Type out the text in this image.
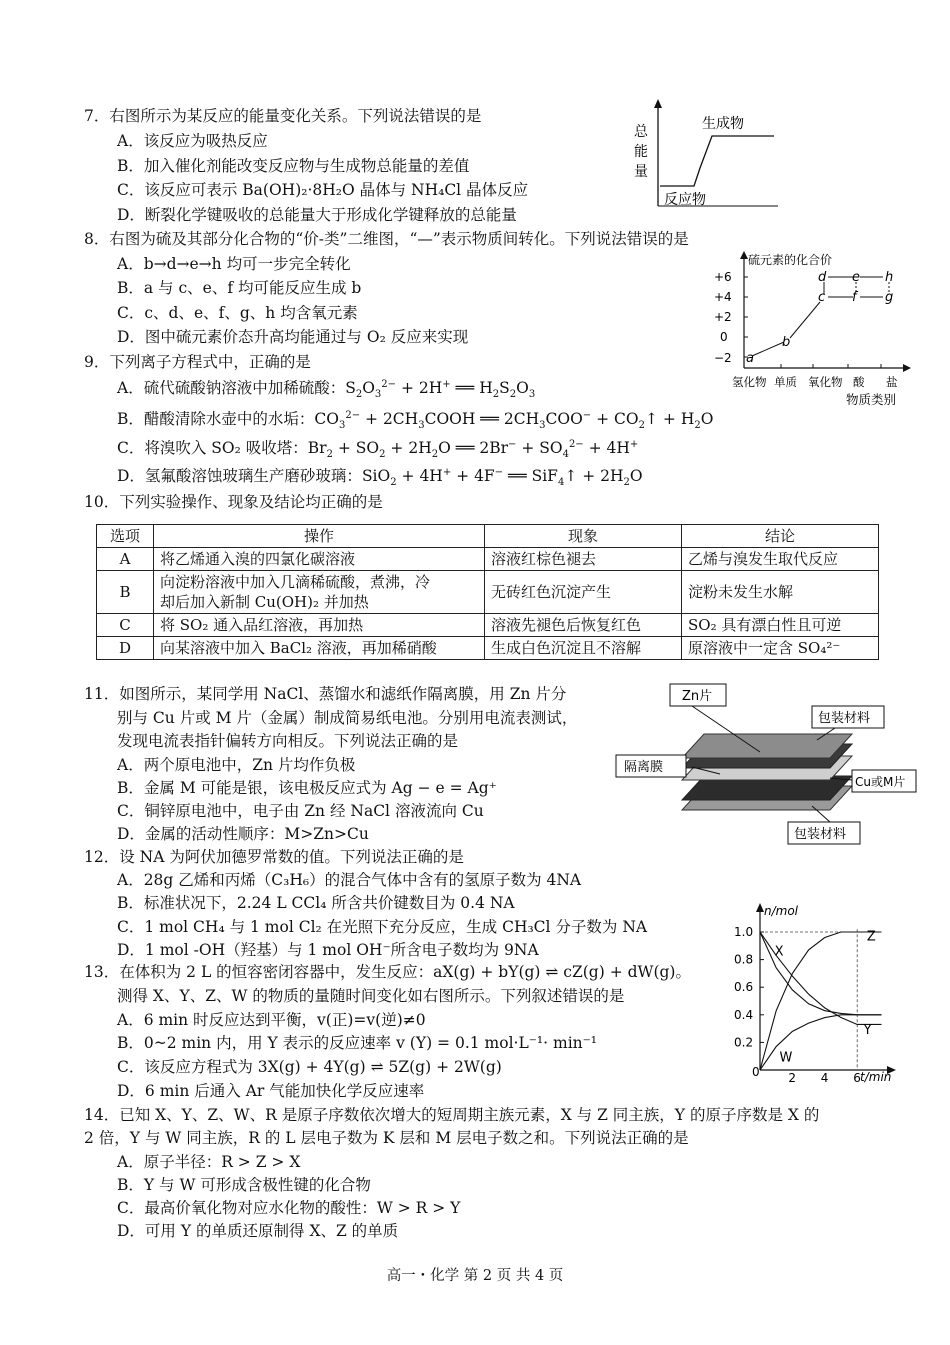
7．右图所示为某反应的能量变化关系。下列说法错误的是
A．该反应为吸热反应
B．加入催化剂能改变反应物与生成物总能量的差值
C．该反应可表示 Ba(OH)₂·8H₂O 晶体与 NH₄Cl 晶体反应
D．断裂化学键吸收的总能量大于形成化学键释放的总能量
总
能
量
生成物
反应物
8．右图为硫及其部分化合物的“价-类”二维图，“—”表示物质间转化。下列说法错误的是
A．b→d→e→h 均可一步完全转化
B．a 与 c、e、f 均可能反应生成 b
C．c、d、e、f、g、h 均含氧元素
D．图中硫元素价态升高均能通过与 O₂ 反应来实现
硫元素的化合价
+6
+4
+2
0
−2 a
b
c
d e
f
h
g
氢化物 单质 氧化物 酸 盐
物质类别
9．下列离子方程式中，正确的是
A．硫代硫酸钠溶液中加稀硫酸：$S_2O_3^{2-} + 2H^+$ ══ $H_2S_2O_3$
B．醋酸清除水壶中的水垢：$CO_3^{2-}$ + $2CH_3COOH$ ══ $2CH_3COO^-$ + $CO_2↑ + H_2O$
C．将溴吹入 SO₂ 吸收塔：$Br_2 + SO_2 + 2H_2O$ ══ $2Br^- + SO_4^{2-} + 4H^+$
D．氢氟酸溶蚀玻璃生产磨砂玻璃：SiO$_2$ + 4H+ + 4F− ══ SiF$_4$↑ + $2H_2O$
10．下列实验操作、现象及结论均正确的是
选项	操作	现象	结论
A	将乙烯通入溴的四氯化碳溶液	溶液红棕色褪去	乙烯与溴发生取代反应
B	向淀粉溶液中加入几滴稀硫酸，煮沸，冷
却后加入新制 Cu(OH)₂ 并加热	无砖红色沉淀产生	淀粉未发生水解
C	将 SO₂ 通入品红溶液，再加热	溶液先褪色后恢复红色	SO₂ 具有漂白性且可逆
D	向某溶液中加入 BaCl₂ 溶液，再加稀硝酸	生成白色沉淀且不溶解	原溶液中一定含 SO₄²⁻
11．如图所示，某同学用 NaCl、蒸馏水和滤纸作隔离膜，用 Zn 片分
别与 Cu 片或 M 片（金属）制成简易纸电池。分别用电流表测试，
发现电流表指针偏转方向相反。下列说法正确的是
A．两个原电池中，Zn 片均作负极
B．金属 M 可能是银，该电极反应式为 Ag − e = Ag⁺
C．铜锌原电池中，电子由 Zn 经 NaCl 溶液流向 Cu
D．金属的活动性顺序：M>Zn>Cu
Zn片
包装材料
隔离膜
Cu或M片
包装材料
12．设 NA 为阿伏加德罗常数的值。下列说法正确的是
A．28g 乙烯和丙烯（C₃H₆）的混合气体中含有的氢原子数为 4NA
B．标准状况下，2.24 L CCl₄ 所含共价键数目为 0.4 NA
C．1 mol CH₄ 与 1 mol Cl₂ 在光照下充分反应，生成 CH₃Cl 分子数为 NA
D．1 mol -OH（羟基）与 1 mol OH⁻所含电子数均为 9NA
13．在体积为 2 L 的恒容密闭容器中，发生反应：aX(g) + bY(g) ⇌ cZ(g) + dW(g)。
测得 X、Y、Z、W 的物质的量随时间变化如右图所示。下列叙述错误的是
A．6 min 时反应达到平衡，v(正)=v(逆)≠0
B．0~2 min 内，用 Y 表示的反应速率 v (Y) = 0.1 mol·L⁻¹· min⁻¹
C．该反应方程式为 3X(g) + 4Y(g) ⇌ 5Z(g) + 2W(g)
D．6 min 后通入 Ar 气能加快化学反应速率
n/mol
t/min
0
X
Y
Z
W
1.0
0.8
0.6
0.4
0.2
2 4 6
14．已知 X、Y、Z、W、R 是原子序数依次增大的短周期主族元素，X 与 Z 同主族，Y 的原子序数是 X 的
2 倍，Y 与 W 同主族，R 的 L 层电子数为 K 层和 M 层电子数之和。下列说法正确的是
A．原子半径：R > Z > X
B．Y 与 W 可形成含极性键的化合物
C．最高价氧化物对应水化物的酸性：W > R > Y
D．可用 Y 的单质还原制得 X、Z 的单质
高一・化学 第 2 页 共 4 页
